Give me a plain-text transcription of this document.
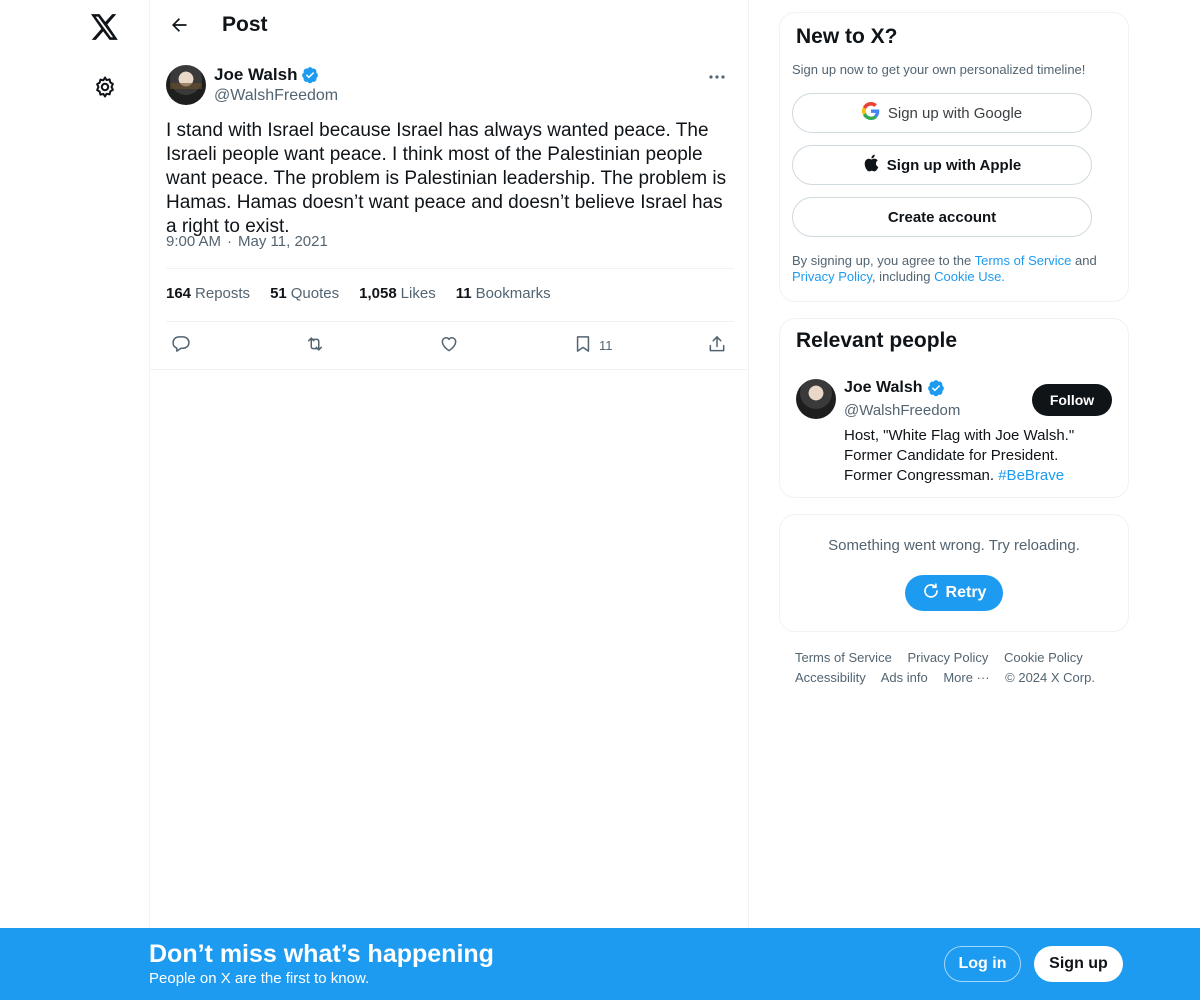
Post
Joe Walsh
@WalshFreedom
I stand with Israel because Israel has always wanted peace. The Israeli people want peace. I think most of the Palestinian people want peace. The problem is Palestinian leadership. The problem is Hamas. Hamas doesn’t want peace and doesn’t believe Israel has a right to exist.
9:00 AM · May 11, 2021
164 Reposts 51 Quotes 1,058 Likes 11 Bookmarks
11
New to X?
Sign up now to get your own personalized timeline!
Sign up with Google
Sign up with Apple
Create account
By signing up, you agree to the Terms of Service and Privacy Policy, including Cookie Use.
Relevant people
Joe Walsh
@WalshFreedom
Follow
Host, "White Flag with Joe Walsh." Former Candidate for President. Former Congressman. #BeBrave
Something went wrong. Try reloading.
Retry
Terms of Service Privacy Policy Cookie Policy
Accessibility Ads info More ··· © 2024 X Corp.
Don’t miss what’s happening
People on X are the first to know.
Log in	Sign up
